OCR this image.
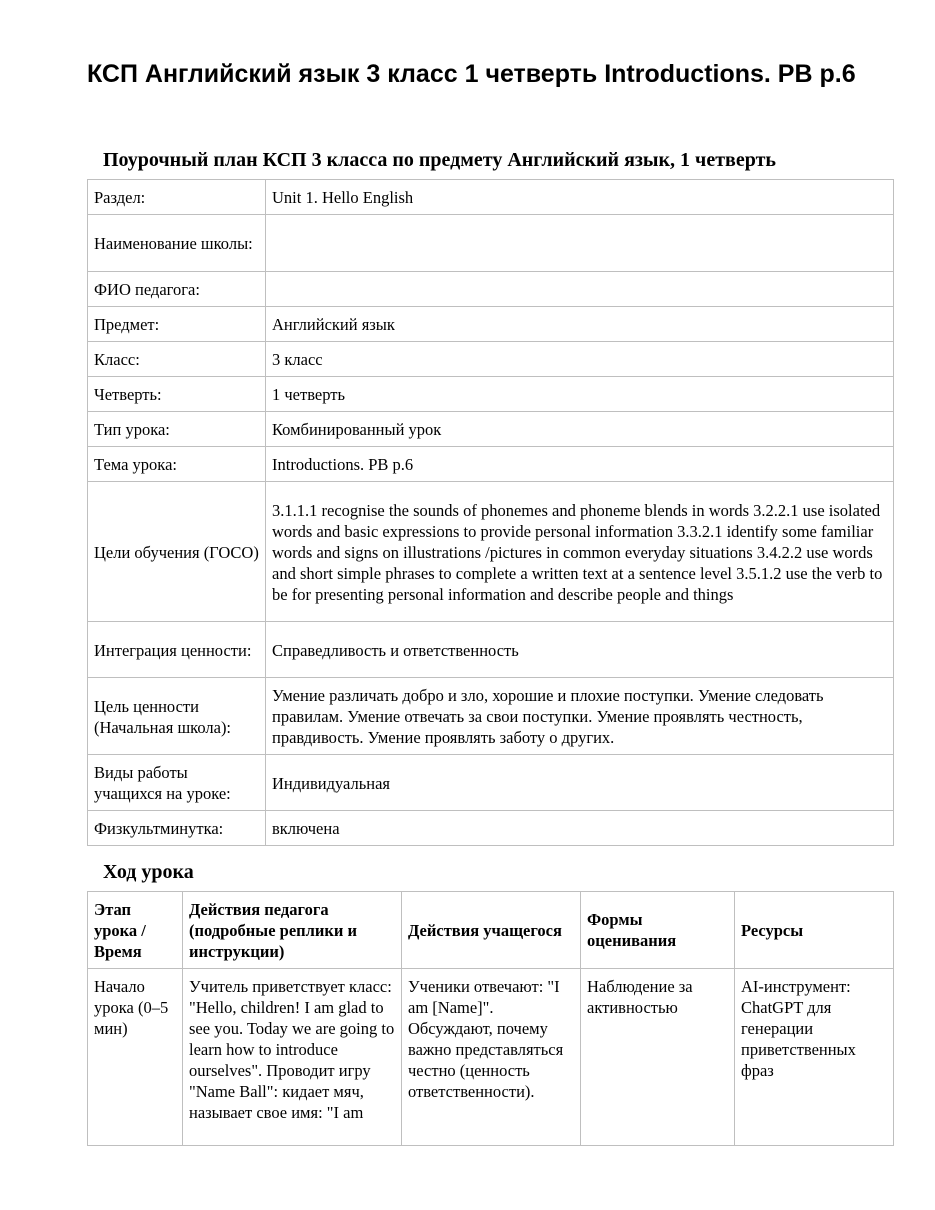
КСП Английский язык 3 класс 1 четверть Introductions. PB p.6
Поурочный план КСП 3 класса по предмету Английский язык, 1 четверть
Раздел:	Unit 1. Hello English
Наименование школы:	
ФИО педагога:	
Предмет:	Английский язык
Класс:	3 класс
Четверть:	1 четверть
Тип урока:	Комбинированный урок
Тема урока:	Introductions. PB p.6
Цели обучения (ГОСО)	3.1.1.1 recognise the sounds of phonemes and phoneme blends in words 3.2.2.1 use isolated words and basic expressions to provide personal information 3.3.2.1 identify some familiar words and signs on illustrations /pictures in common everyday situations 3.4.2.2 use words and short simple phrases to complete a written text at a sentence level 3.5.1.2 use the verb to be for presenting personal information and describe people and things
Интеграция ценности:	Справедливость и ответственность
Цель ценности (Начальная школа):	Умение различать добро и зло, хорошие и плохие поступки. Умение следовать правилам. Умение отвечать за свои поступки. Умение проявлять честность, правдивость. Умение проявлять заботу о других.
Виды работы учащихся на уроке:	Индивидуальная
Физкультминутка:	включена
Ход урока
Этап урока / Время	Действия педагога (подробные реплики и инструкции)	Действия учащегося	Формы оценивания	Ресурсы

Начало урока (0–5 мин)	Учитель приветствует класс: "Hello, children! I am glad to see you. Today we are going to learn how to introduce ourselves". Проводит игру "Name Ball": кидает мяч, называет свое имя: "I am	Ученики отвечают: "I am [Name]". Обсуждают, почему важно представляться честно (ценность ответственности).	Наблюдение за активностью	AI-инструмент: ChatGPT для генерации приветственных фраз
